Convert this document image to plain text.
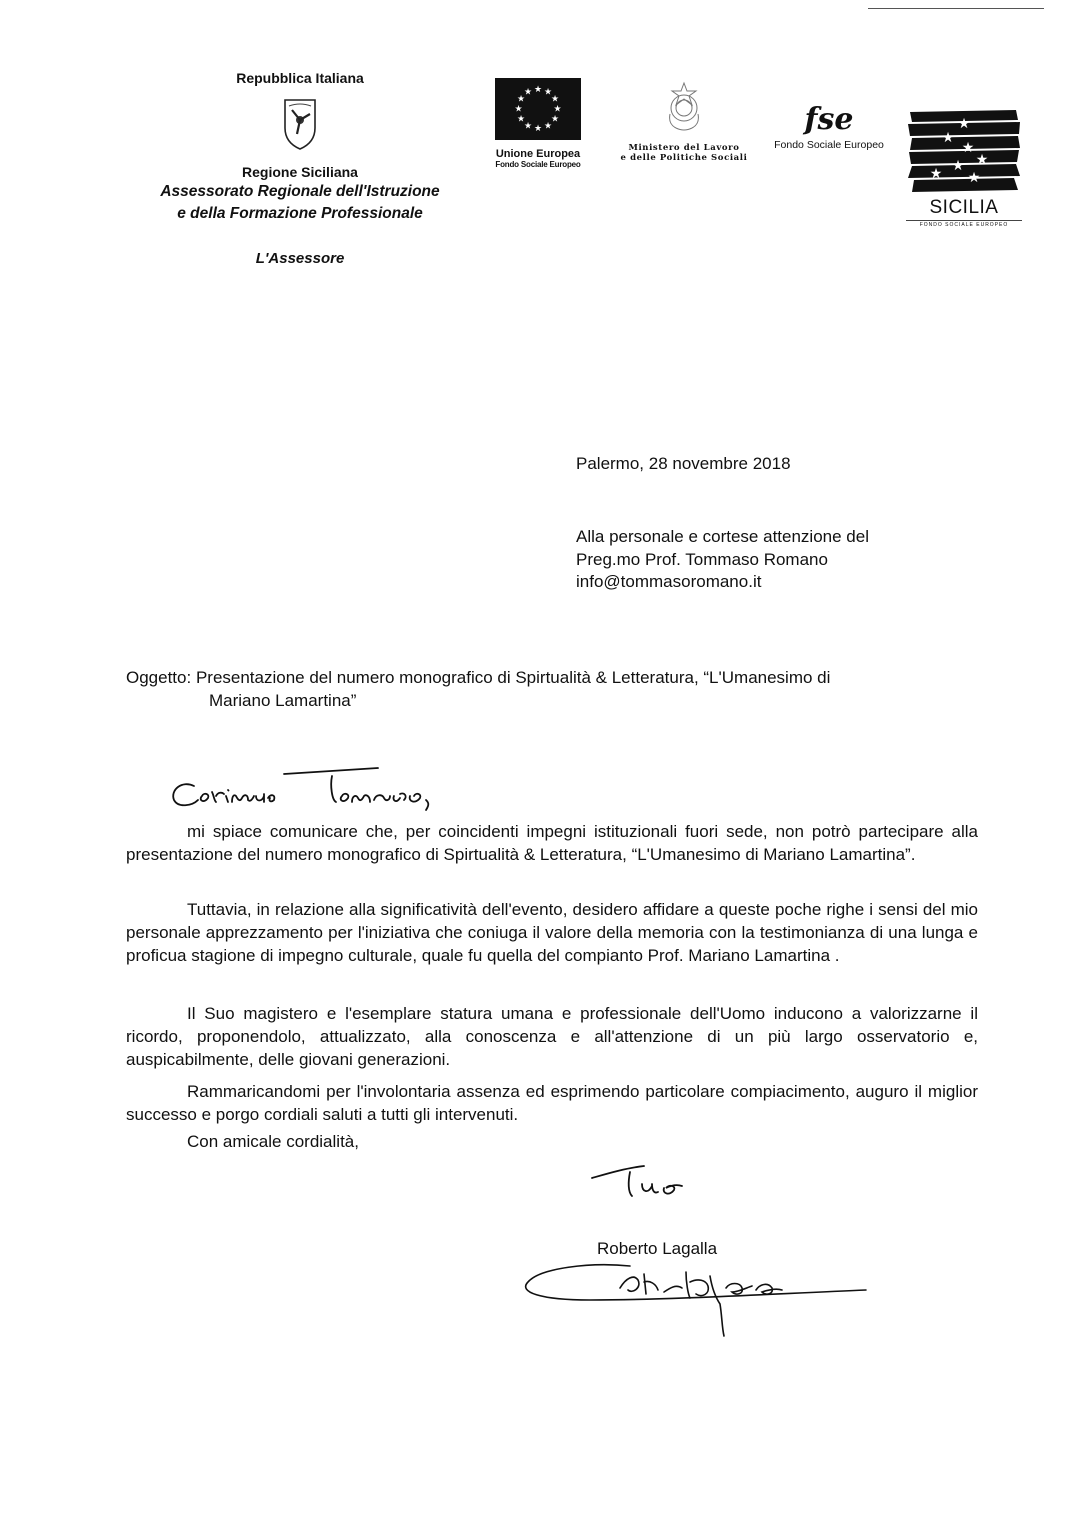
Repubblica Italiana

Regione Siciliana

Assessorato Regionale dell'Istruzione

e della Formazione Professionale

L'Assessore
★ ★
★
★
★
★
★
★
★
★
★
★
Unione Europea
Fondo Sociale Europeo
Ministero del Lavoro
e delle Politiche Sociali
fse
Fondo Sociale Europeo
★
★
★
★
★
★ ★
SICILIA
FONDO SOCIALE EUROPEO
Palermo, 28 novembre 2018
Alla personale e cortese attenzione del
Preg.mo Prof. Tommaso Romano
info@tommasoromano.it
Oggetto: Presentazione del numero monografico di Spirtualità & Letteratura, “L'Umanesimo di
Mariano Lamartina”
mi spiace comunicare che, per coincidenti impegni istituzionali fuori sede, non potrò partecipare alla presentazione del numero monografico di Spirtualità & Letteratura, “L'Umanesimo di Mariano Lamartina”.
Tuttavia, in relazione alla significatività dell'evento, desidero affidare a queste poche righe i sensi del mio personale apprezzamento per l'iniziativa che coniuga il valore della memoria con la testimonianza di una lunga e proficua stagione di impegno culturale, quale fu quella del compianto Prof. Mariano Lamartina .
Il Suo magistero e l'esemplare statura umana e professionale dell'Uomo inducono a valorizzarne il ricordo, proponendolo, attualizzato, alla conoscenza e all'attenzione di un più largo osservatorio e, auspicabilmente, delle giovani generazioni.
Rammaricandomi per l'involontaria assenza ed esprimendo particolare compiacimento, auguro il miglior successo e porgo cordiali saluti a tutti gli intervenuti.
Con amicale cordialità,
Roberto Lagalla
